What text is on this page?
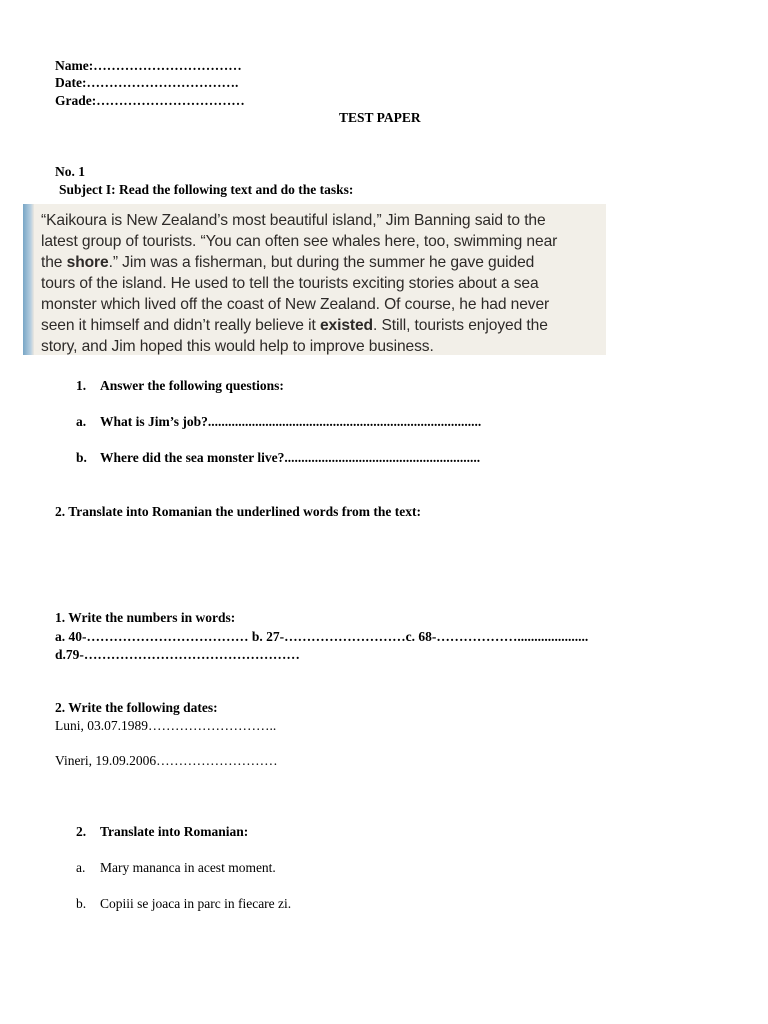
Name:……………………………
Date:…………………………….
Grade:……………………………
TEST PAPER
No. 1
Subject I: Read the following text and do the tasks:
“Kaikoura is New Zealand’s most beautiful island,” Jim Banning said to the
latest group of tourists. “You can often see whales here, too, swimming near
the shore.” Jim was a fisherman, but during the summer he gave guided
tours of the island. He used to tell the tourists exciting stories about a sea
monster which lived off the coast of New Zealand. Of course, he had never
seen it himself and didn’t really believe it existed. Still, tourists enjoyed the
story, and Jim hoped this would help to improve business.
1. Answer the following questions:
a. What is Jim’s job?.................................................................................
b. Where did the sea monster live?..........................................................
2. Translate into Romanian the underlined words from the text:
1. Write the numbers in words:
a. 40-……………………………… b. 27-………………………c. 68-……………….....................
d.79-…………………………………………
2. Write the following dates:
Luni, 03.07.1989………………………..
Vineri, 19.09.2006………………………
2. Translate into Romanian:
a. Mary mananca in acest moment.
b. Copiii se joaca in parc in fiecare zi.
